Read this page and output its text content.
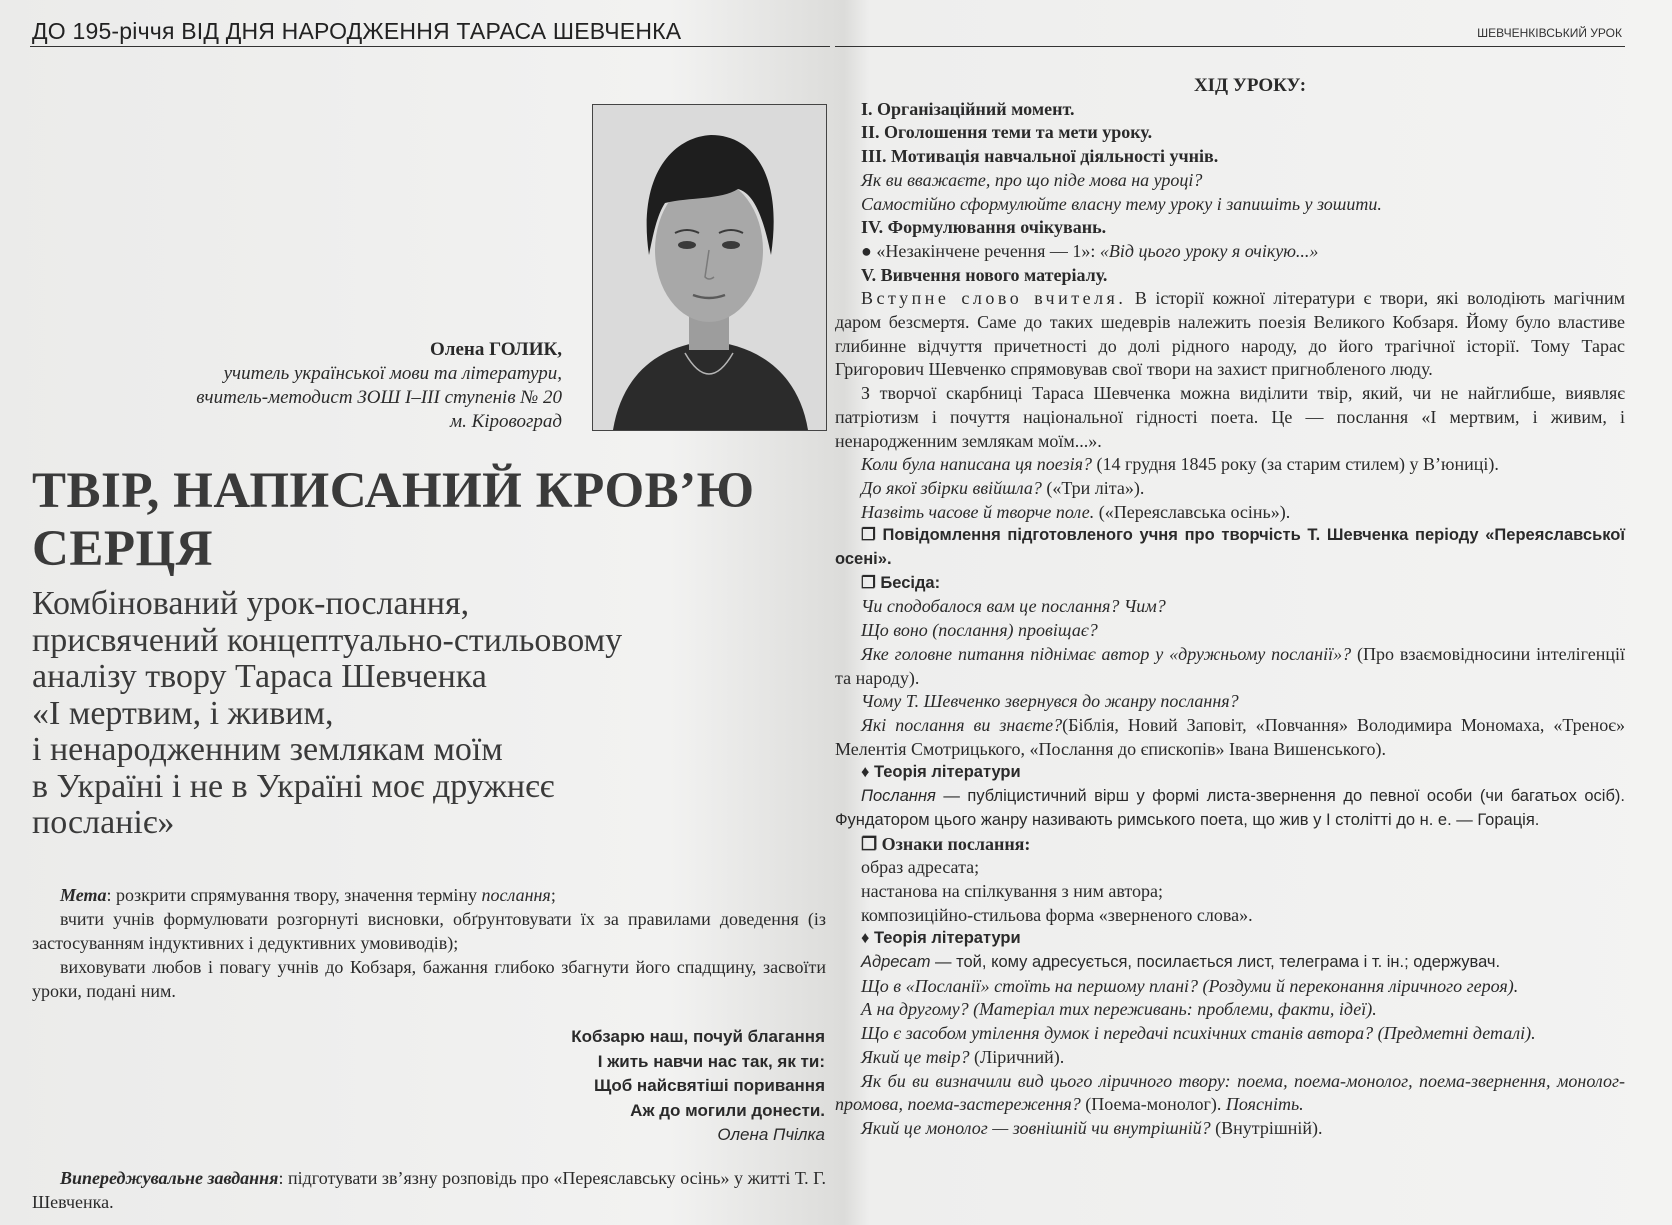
ДО 195-річчя ВІД ДНЯ НАРОДЖЕННЯ ТАРАСА ШЕВЧЕНКА
Олена ГОЛИК,
учитель української мови та літератури,
вчитель-методист ЗОШ І–ІІІ ступенів № 20
м. Кіровоград
ТВІР, НАПИСАНИЙ КРОВ’Ю
СЕРЦЯ
Комбінований урок-послання,
присвячений концептуально-стильовому
аналізу твору Тараса Шевченка
«І мертвим, і живим,
і ненародженним землякам моїм
в Україні і не в Україні моє дружнєє
посланіє»

Мета: розкрити спрямування твору, значення терміну послання;

вчити учнів формулювати розгорнуті висновки, обґрунтовувати їх за правилами доведення (із застосуванням індуктивних і дедуктивних умовиводів);

виховувати любов і повагу учнів до Кобзаря, бажання глибоко збагнути його спадщину, засвоїти уроки, подані ним.

Кобзарю наш, почуй благання
І жить навчи нас так, як ти:
Щоб найсвятіші поривання
Аж до могили донести.
Олена Пчілка
Випереджувальне завдання: підготувати зв’язну розповідь про «Переяславську осінь» у житті Т. Г. Шевченка.
ШЕВЧЕНКІВСЬКИЙ УРОК

ХІД УРОКУ:

І. Організаційний момент.

ІІ. Оголошення теми та мети уроку.

ІІІ. Мотивація навчальної діяльності учнів.

Як ви вважаєте, про що піде мова на уроці?

Самостійно сформулюйте власну тему уроку і запишіть у зошити.

IV. Формулювання очікувань.

● «Незакінчене речення — 1»: «Від цього уроку я очікую...»

V. Вивчення нового матеріалу.

Вступне слово вчителя. В історії кожної літератури є твори, які володіють магічним даром безсмертя. Саме до таких шедеврів належить поезія Великого Кобзаря. Йому було властиве глибинне відчуття причетності до долі рідного народу, до його трагічної історії. Тому Тарас Григорович Шевченко спрямовував свої твори на захист пригнобленого люду.

З творчої скарбниці Тараса Шевченка можна виділити твір, який, чи не найглибше, виявляє патріотизм і почуття національної гідності поета. Це — послання «І мертвим, і живим, і ненародженним землякам моїм...».

Коли була написана ця поезія? (14 грудня 1845 року (за старим стилем) у В’юниці).

До якої збірки ввійшла? («Три літа»).

Назвіть часове й творче поле. («Переяславська осінь»).

❐ Повідомлення підготовленого учня про творчість Т. Шевченка періоду «Переяславської осені».

❐ Бесіда:

Чи сподобалося вам це послання? Чим?

Що воно (послання) провіщає?

Яке головне питання піднімає автор у «дружньому посланії»? (Про взаємовідносини інтелігенції та народу).

Чому Т. Шевченко звернувся до жанру послання?

Які послання ви знаєте?(Біблія, Новий Заповіт, «Повчання» Володимира Мономаха, «Треноє» Мелентія Смотрицького, «Послання до єпископів» Івана Вишенського).

♦ Теорія літератури

Послання — публіцистичний вірш у формі листа-звернення до певної особи (чи багатьох осіб). Фундатором цього жанру називають римського поета, що жив у І столітті до н. е. — Горація.

❐ Ознаки послання:

образ адресата;

настанова на спілкування з ним автора;

композиційно-стильова форма «зверненого слова».

♦ Теорія літератури

Адресат — той, кому адресується, посилається лист, телеграма і т. ін.; одержувач.

Що в «Посланії» стоїть на першому плані? (Роздуми й переконання ліричного героя).

А на другому? (Матеріал тих переживань: проблеми, факти, ідеї).

Що є засобом утілення думок і передачі психічних станів автора? (Предметні деталі).

Який це твір? (Ліричний).

Як би ви визначили вид цього ліричного твору: поема, поема-монолог, поема-звернення, монолог-промова, поема-застереження? (Поема-монолог). Поясніть.

Який це монолог — зовнішній чи внутрішній? (Внутрішній).
